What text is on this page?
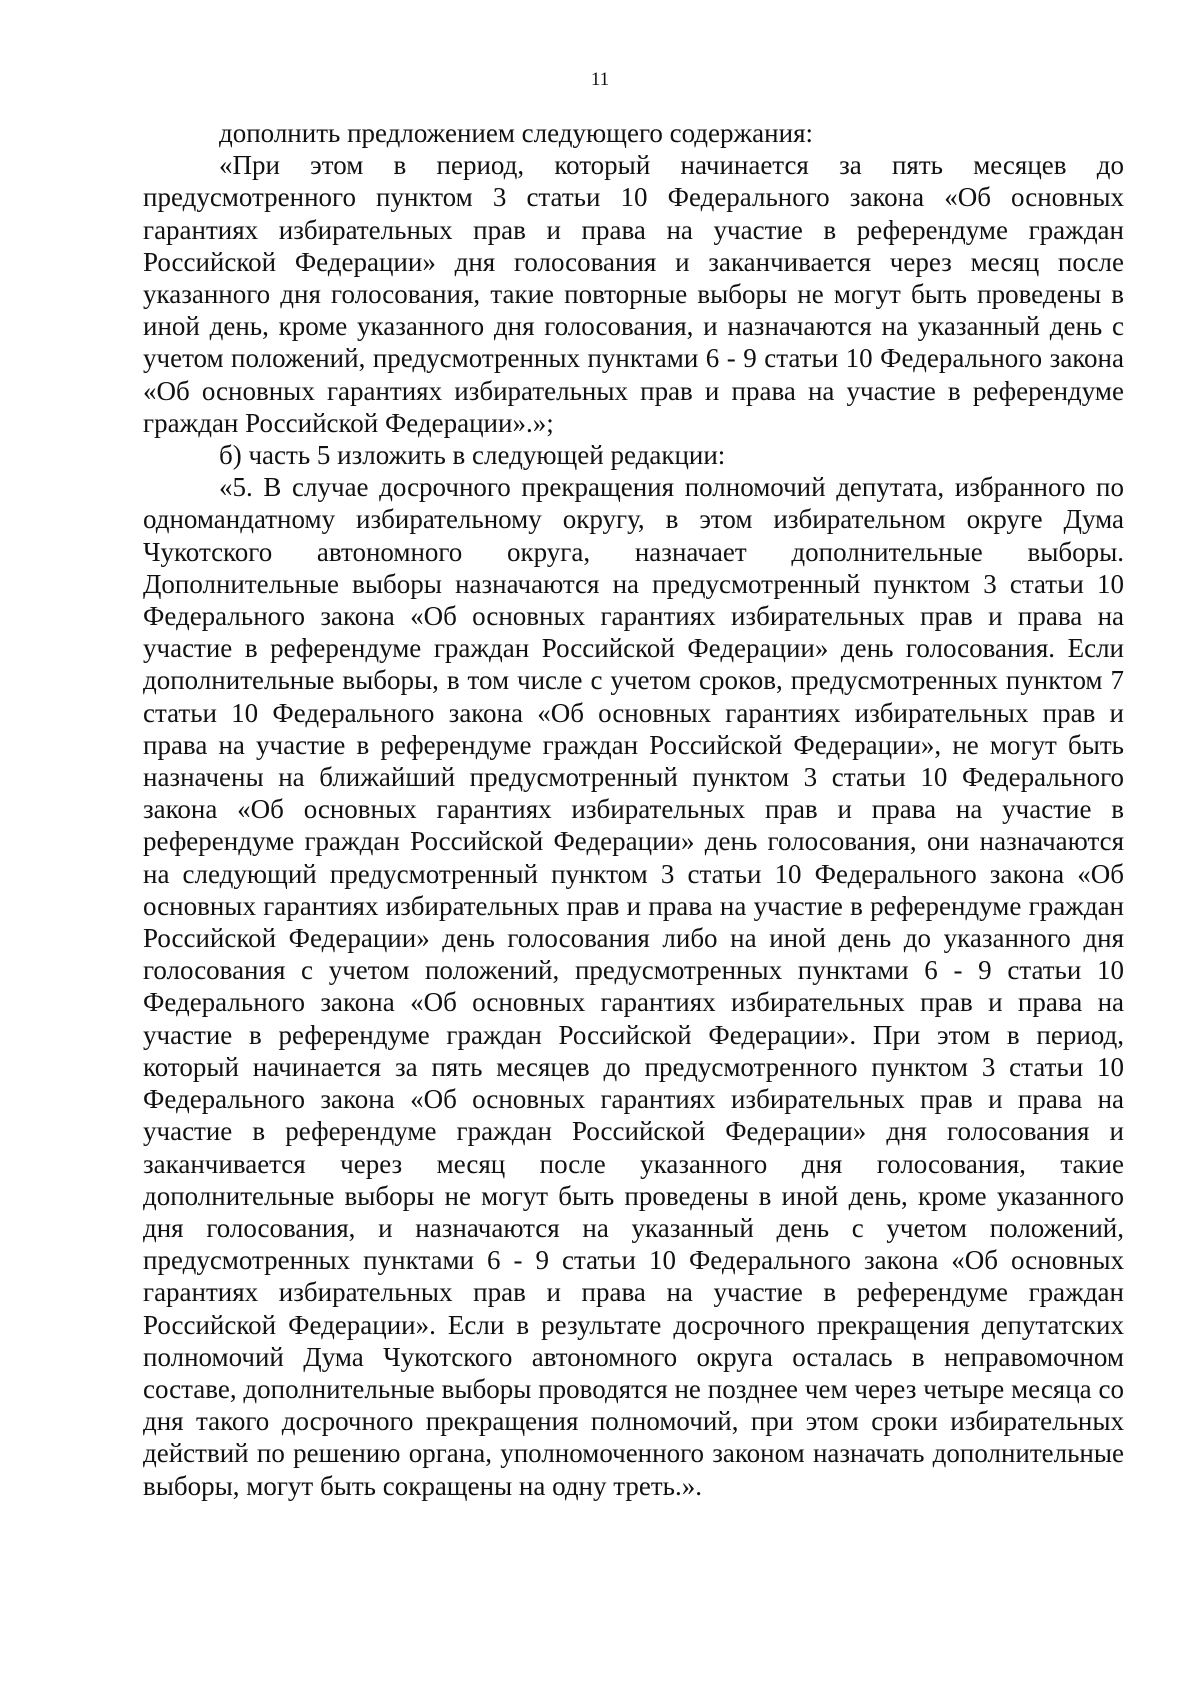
11

дополнить предложением следующего содержания:

«При этом в период, который начинается за пять месяцев до предусмотренного пунктом 3 статьи 10 Федерального закона «Об основных гарантиях избирательных прав и права на участие в референдуме граждан Российской Федерации» дня голосования и заканчивается через месяц после указанного дня голосования, такие повторные выборы не могут быть проведены в иной день, кроме указанного дня голосования, и назначаются на указанный день с учетом положений, предусмотренных пунктами 6 - 9 статьи 10 Федерального закона «Об основных гарантиях избирательных прав и права на участие в референдуме граждан Российской Федерации».»;

б) часть 5 изложить в следующей редакции:

«5. В случае досрочного прекращения полномочий депутата, избранного по одномандатному избирательному округу, в этом избирательном округе Дума Чукотского автономного округа, назначает дополнительные выборы. Дополнительные выборы назначаются на предусмотренный пунктом 3 статьи 10 Федерального закона «Об основных гарантиях избирательных прав и права на участие в референдуме граждан Российской Федерации» день голосования. Если дополнительные выборы, в том числе с учетом сроков, предусмотренных пунктом 7 статьи 10 Федерального закона «Об основных гарантиях избирательных прав и права на участие в референдуме граждан Российской Федерации», не могут быть назначены на ближайший предусмотренный пунктом 3 статьи 10 Федерального закона «Об основных гарантиях избирательных прав и права на участие в референдуме граждан Российской Федерации» день голосования, они назначаются на следующий предусмотренный пунктом 3 статьи 10 Федерального закона «Об основных гарантиях избирательных прав и права на участие в референдуме граждан Российской Федерации» день голосования либо на иной день до указанного дня голосования с учетом положений, предусмотренных пунктами 6 - 9 статьи 10 Федерального закона «Об основных гарантиях избирательных прав и права на участие в референдуме граждан Российской Федерации». При этом в период, который начинается за пять месяцев до предусмотренного пунктом 3 статьи 10 Федерального закона «Об основных гарантиях избирательных прав и права на участие в референдуме граждан Российской Федерации» дня голосования и заканчивается через месяц после указанного дня голосования, такие дополнительные выборы не могут быть проведены в иной день, кроме указанного дня голосования, и назначаются на указанный день с учетом положений, предусмотренных пунктами 6 - 9 статьи 10 Федерального закона «Об основных гарантиях избирательных прав и права на участие в референдуме граждан Российской Федерации». Если в результате досрочного прекращения депутатских полномочий Дума Чукотского автономного округа осталась в неправомочном составе, дополнительные выборы проводятся не позднее чем через четыре месяца со дня такого досрочного прекращения полномочий, при этом сроки избирательных действий по решению органа, уполномоченного законом назначать дополнительные выборы, могут быть сокращены на одну треть.».
